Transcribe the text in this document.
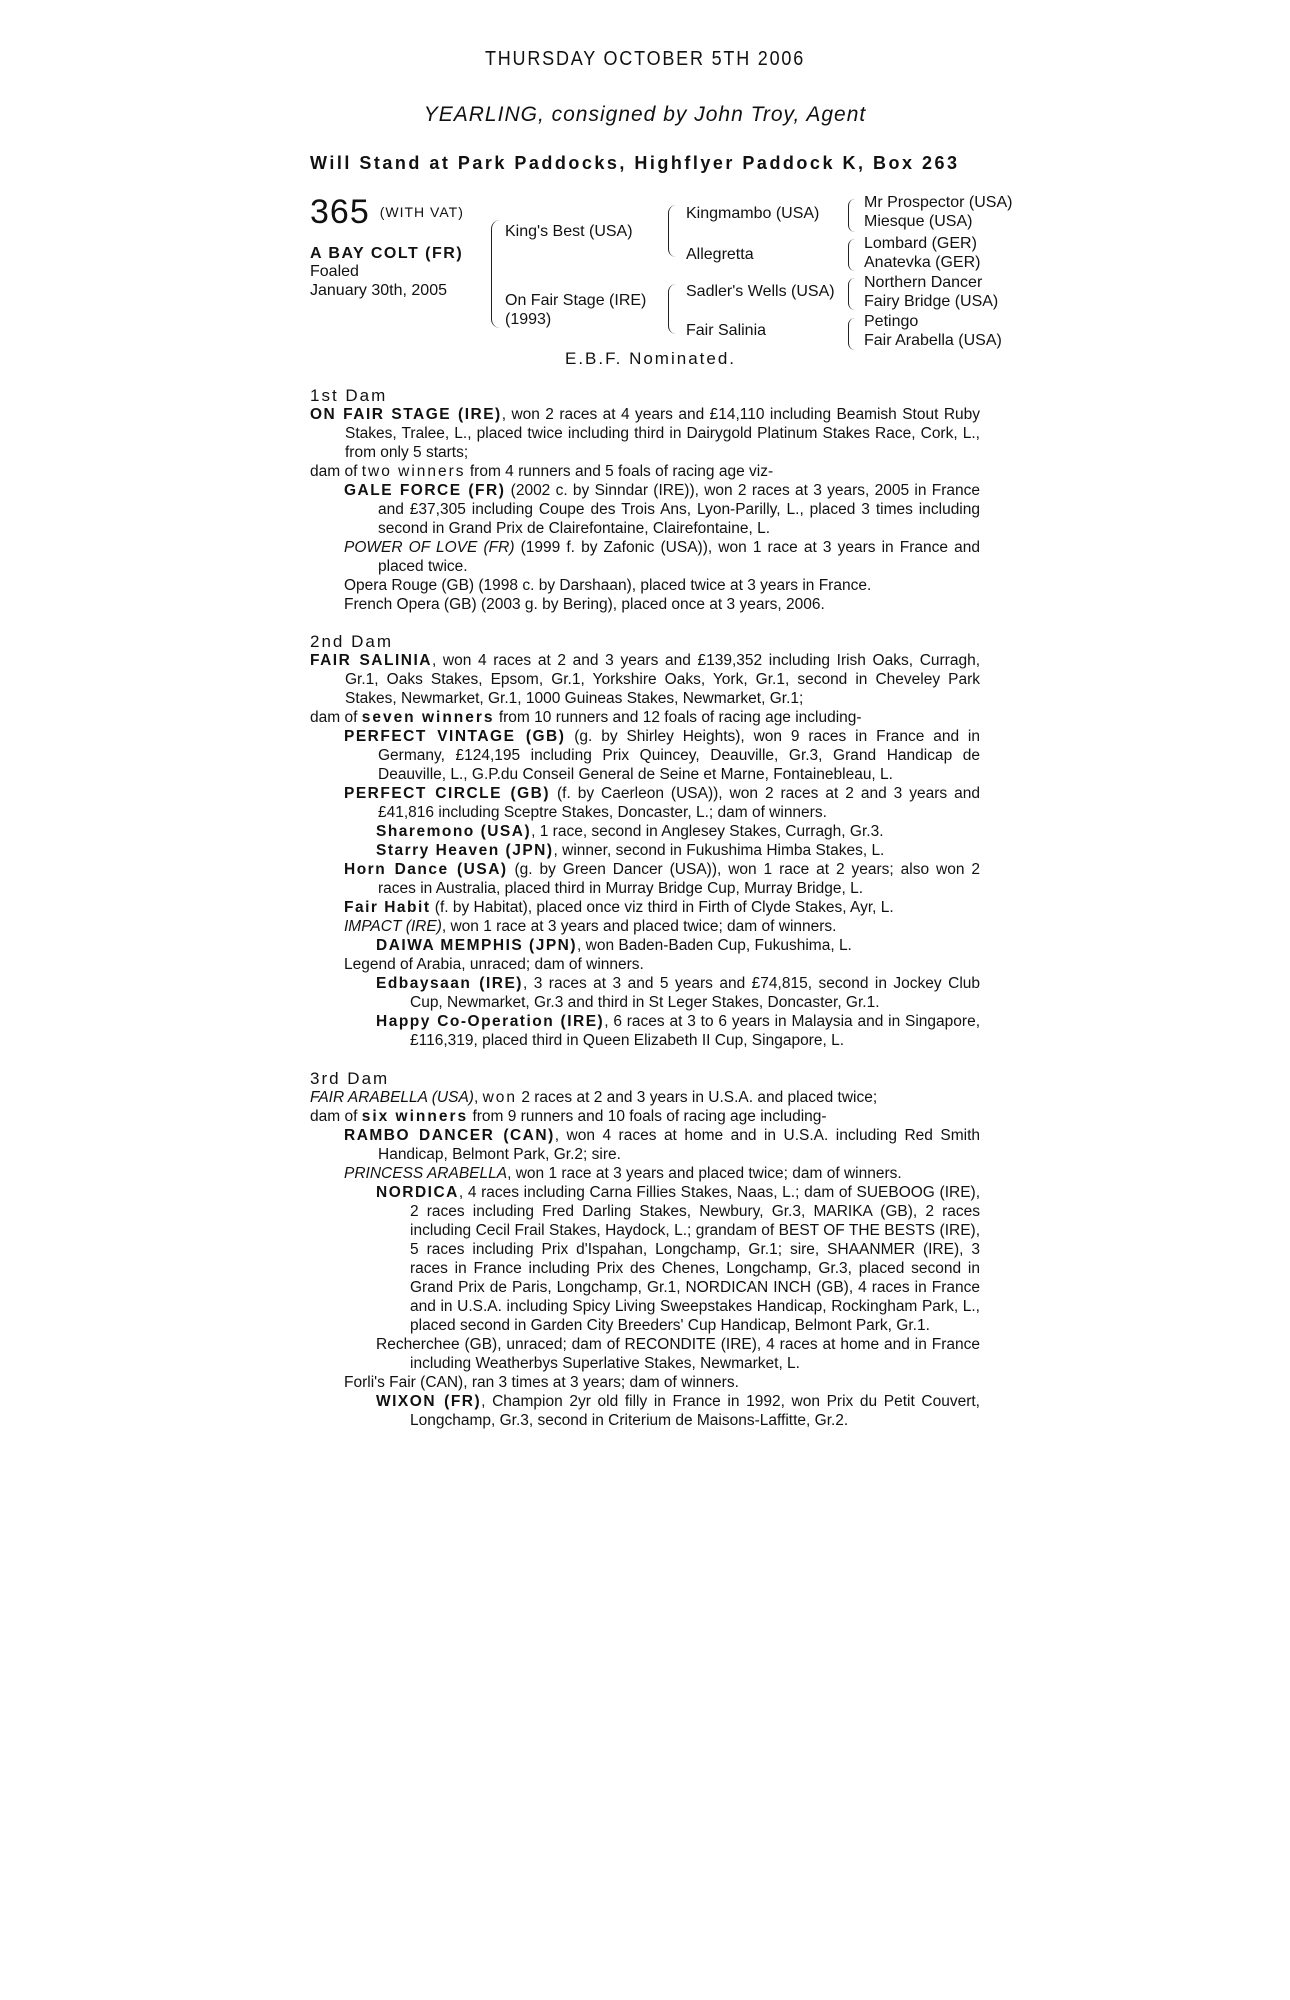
THURSDAY OCTOBER 5TH 2006
YEARLING, consigned by John Troy, Agent
Will Stand at Park Paddocks, Highflyer Paddock K, Box 263
365 (WITH VAT)
A BAY COLT (FR)
Foaled
January 30th, 2005
King's Best (USA)
On Fair Stage (IRE)
(1993)
Kingmambo (USA)
Allegretta
Sadler's Wells (USA)
Fair Salinia
Mr Prospector (USA)
Miesque (USA)
Lombard (GER)
Anatevka (GER)
Northern Dancer
Fairy Bridge (USA)
Petingo
Fair Arabella (USA)
E.B.F. Nominated.
1st Dam

ON FAIR STAGE (IRE), won 2 races at 4 years and £14,110 including Beamish Stout Ruby Stakes, Tralee, L., placed twice including third in Dairygold Platinum Stakes Race, Cork, L., from only 5 starts;

dam of two winners from 4 runners and 5 foals of racing age viz-

GALE FORCE (FR) (2002 c. by Sinndar (IRE)), won 2 races at 3 years, 2005 in France and £37,305 including Coupe des Trois Ans, Lyon-Parilly, L., placed 3 times including second in Grand Prix de Clairefontaine, Clairefontaine, L.

POWER OF LOVE (FR) (1999 f. by Zafonic (USA)), won 1 race at 3 years in France and placed twice.

Opera Rouge (GB) (1998 c. by Darshaan), placed twice at 3 years in France.

French Opera (GB) (2003 g. by Bering), placed once at 3 years, 2006.

2nd Dam

FAIR SALINIA, won 4 races at 2 and 3 years and £139,352 including Irish Oaks, Curragh, Gr.1, Oaks Stakes, Epsom, Gr.1, Yorkshire Oaks, York, Gr.1, second in Cheveley Park Stakes, Newmarket, Gr.1, 1000 Guineas Stakes, Newmarket, Gr.1;

dam of seven winners from 10 runners and 12 foals of racing age including-

PERFECT VINTAGE (GB) (g. by Shirley Heights), won 9 races in France and in Germany, £124,195 including Prix Quincey, Deauville, Gr.3, Grand Handicap de Deauville, L., G.P.du Conseil General de Seine et Marne, Fontainebleau, L.

PERFECT CIRCLE (GB) (f. by Caerleon (USA)), won 2 races at 2 and 3 years and £41,816 including Sceptre Stakes, Doncaster, L.; dam of winners.

Sharemono (USA), 1 race, second in Anglesey Stakes, Curragh, Gr.3.

Starry Heaven (JPN), winner, second in Fukushima Himba Stakes, L.

Horn Dance (USA) (g. by Green Dancer (USA)), won 1 race at 2 years; also won 2 races in Australia, placed third in Murray Bridge Cup, Murray Bridge, L.

Fair Habit (f. by Habitat), placed once viz third in Firth of Clyde Stakes, Ayr, L.

IMPACT (IRE), won 1 race at 3 years and placed twice; dam of winners.

DAIWA MEMPHIS (JPN), won Baden-Baden Cup, Fukushima, L.

Legend of Arabia, unraced; dam of winners.

Edbaysaan (IRE), 3 races at 3 and 5 years and £74,815, second in Jockey Club Cup, Newmarket, Gr.3 and third in St Leger Stakes, Doncaster, Gr.1.

Happy Co-Operation (IRE), 6 races at 3 to 6 years in Malaysia and in Singapore, £116,319, placed third in Queen Elizabeth II Cup, Singapore, L.

3rd Dam

FAIR ARABELLA (USA), won 2 races at 2 and 3 years in U.S.A. and placed twice;

dam of six winners from 9 runners and 10 foals of racing age including-

RAMBO DANCER (CAN), won 4 races at home and in U.S.A. including Red Smith Handicap, Belmont Park, Gr.2; sire.

PRINCESS ARABELLA, won 1 race at 3 years and placed twice; dam of winners.

NORDICA, 4 races including Carna Fillies Stakes, Naas, L.; dam of SUEBOOG (IRE), 2 races including Fred Darling Stakes, Newbury, Gr.3, MARIKA (GB), 2 races including Cecil Frail Stakes, Haydock, L.; grandam of BEST OF THE BESTS (IRE), 5 races including Prix d'Ispahan, Longchamp, Gr.1; sire, SHAANMER (IRE), 3 races in France including Prix des Chenes, Longchamp, Gr.3, placed second in Grand Prix de Paris, Longchamp, Gr.1, NORDICAN INCH (GB), 4 races in France and in U.S.A. including Spicy Living Sweepstakes Handicap, Rockingham Park, L., placed second in Garden City Breeders' Cup Handicap, Belmont Park, Gr.1.

Recherchee (GB), unraced; dam of RECONDITE (IRE), 4 races at home and in France including Weatherbys Superlative Stakes, Newmarket, L.

Forli's Fair (CAN), ran 3 times at 3 years; dam of winners.

WIXON (FR), Champion 2yr old filly in France in 1992, won Prix du Petit Couvert, Longchamp, Gr.3, second in Criterium de Maisons-Laffitte, Gr.2.
